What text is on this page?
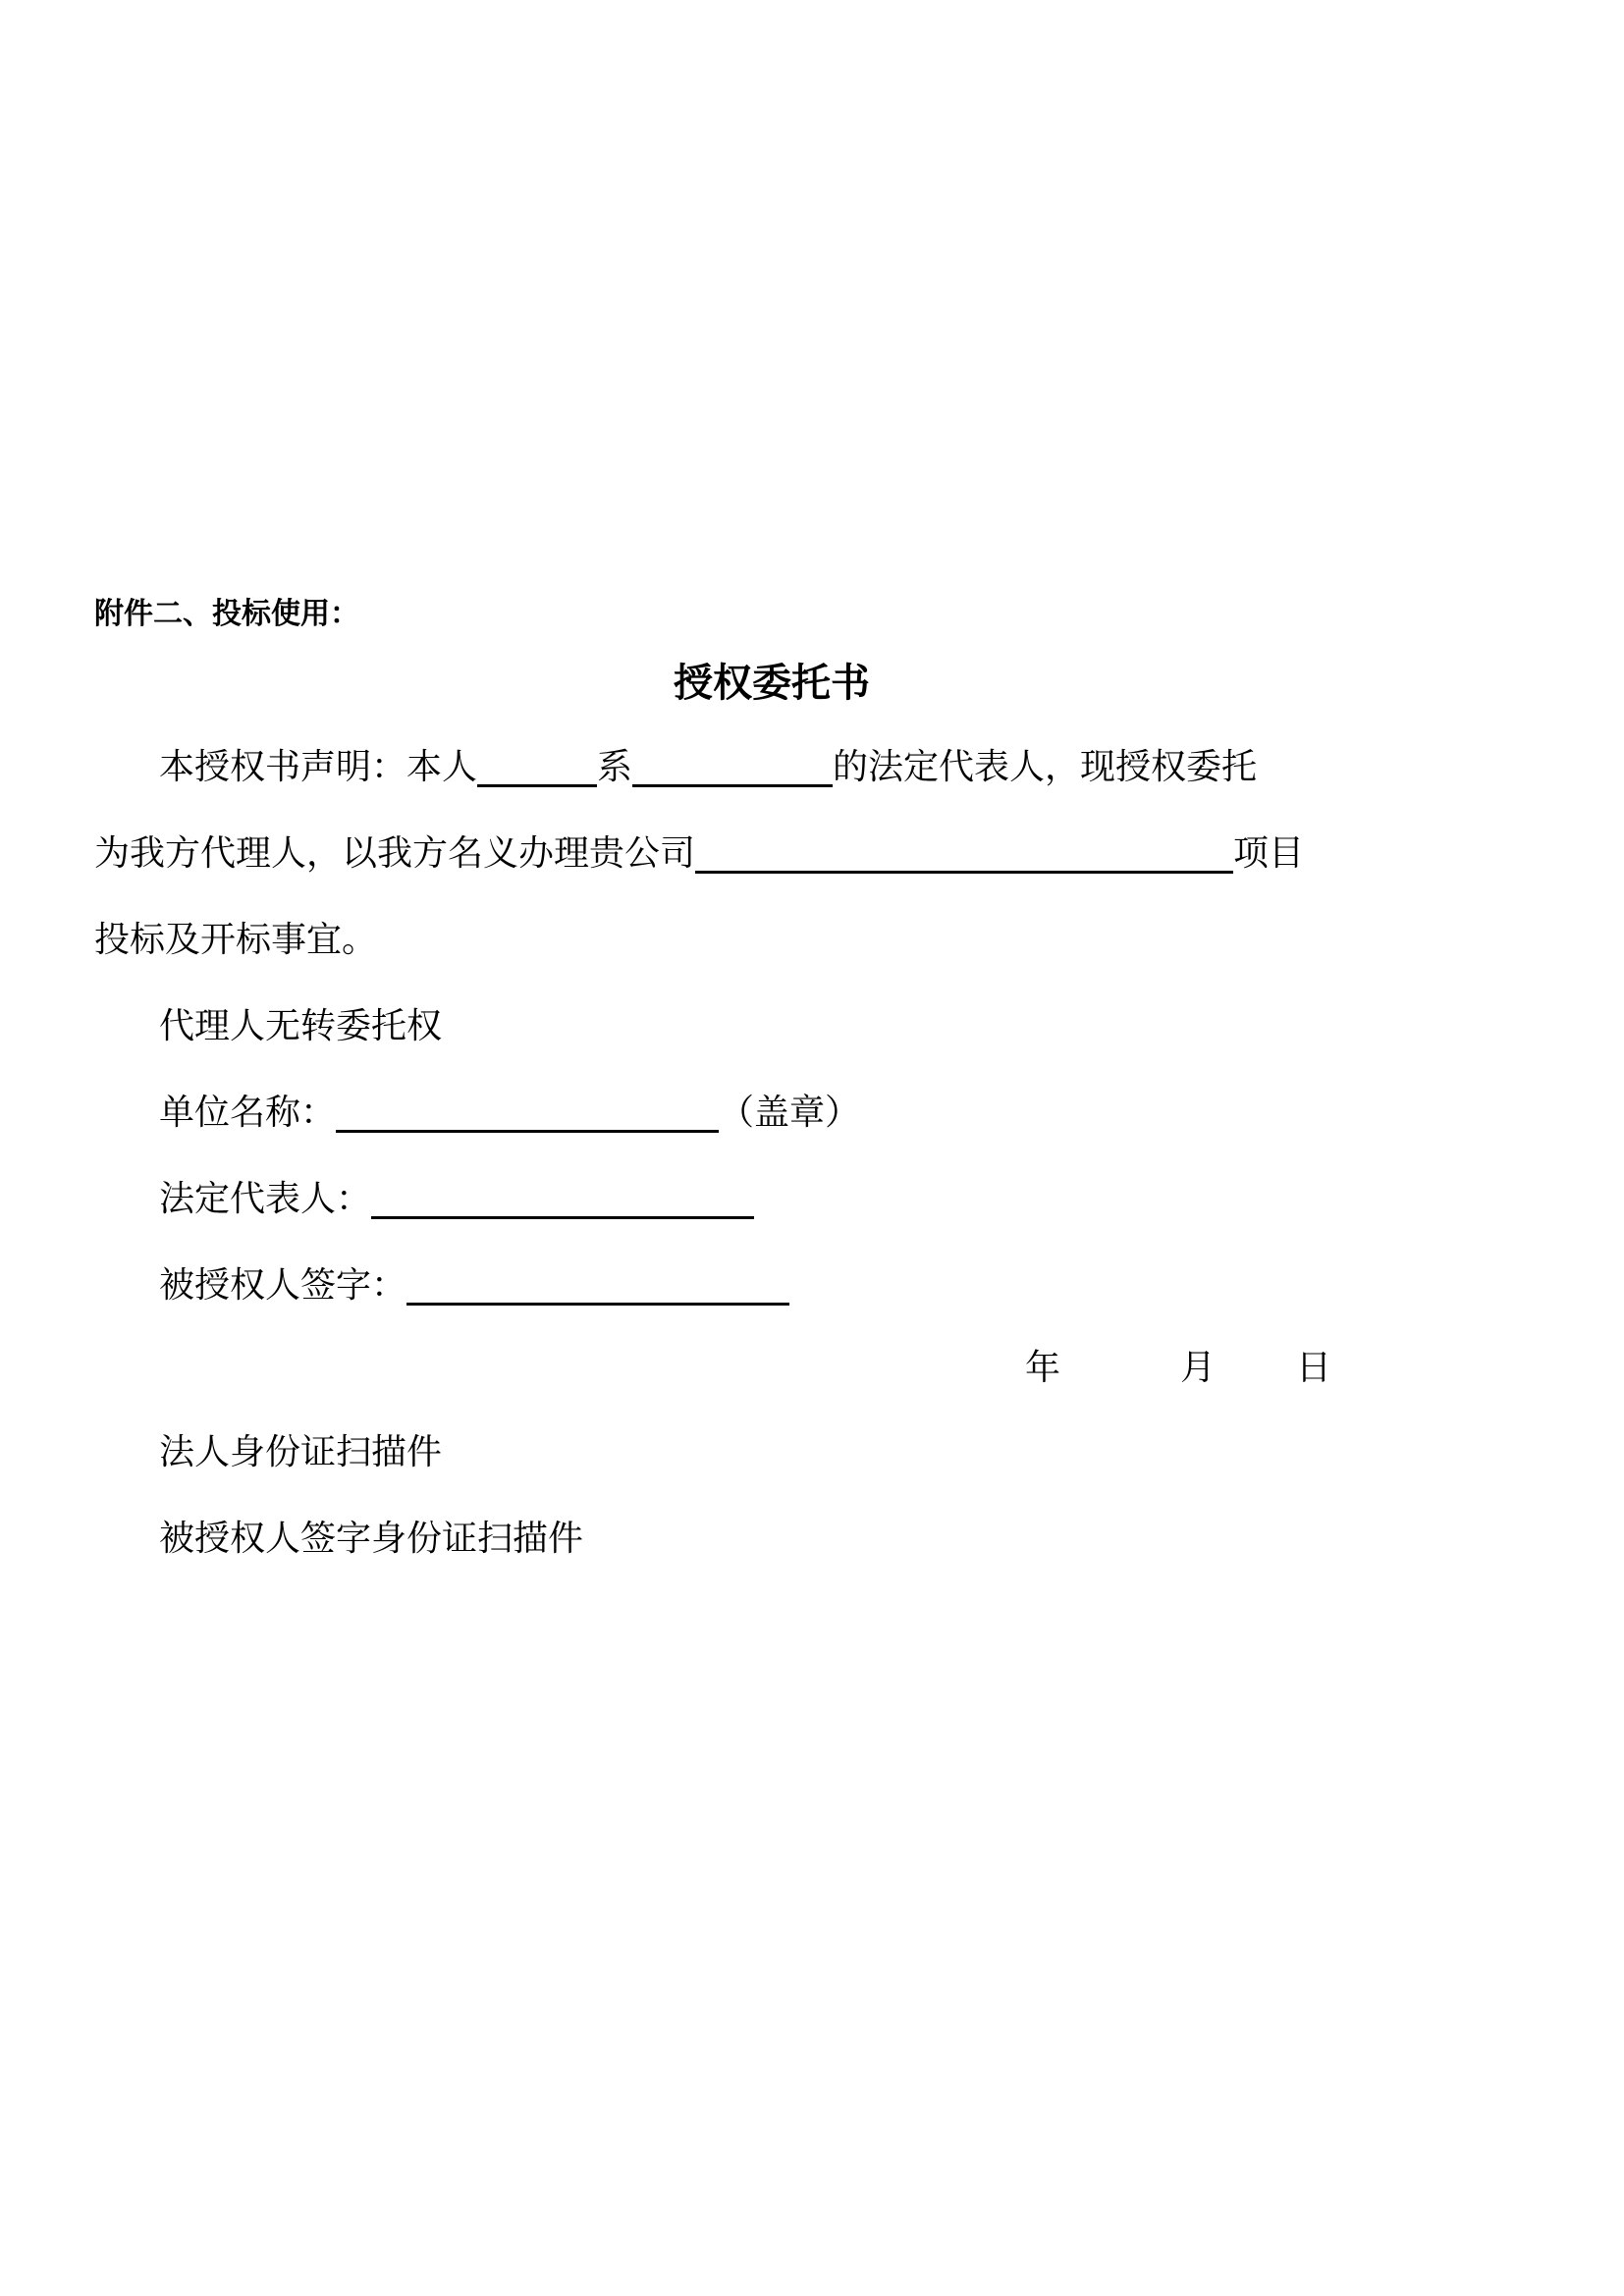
附件二、投标使用：
授权委托书
本授权书声明：本人	系	的法定代表人，现授权委托
为我方代理人，以我方名义办理贵公司	项目
投标及开标事宜。
代理人无转委托权
单位名称：	（盖章）
法定代表人：
被授权人签字：
年	月 日
法人身份证扫描件
被授权人签字身份证扫描件
